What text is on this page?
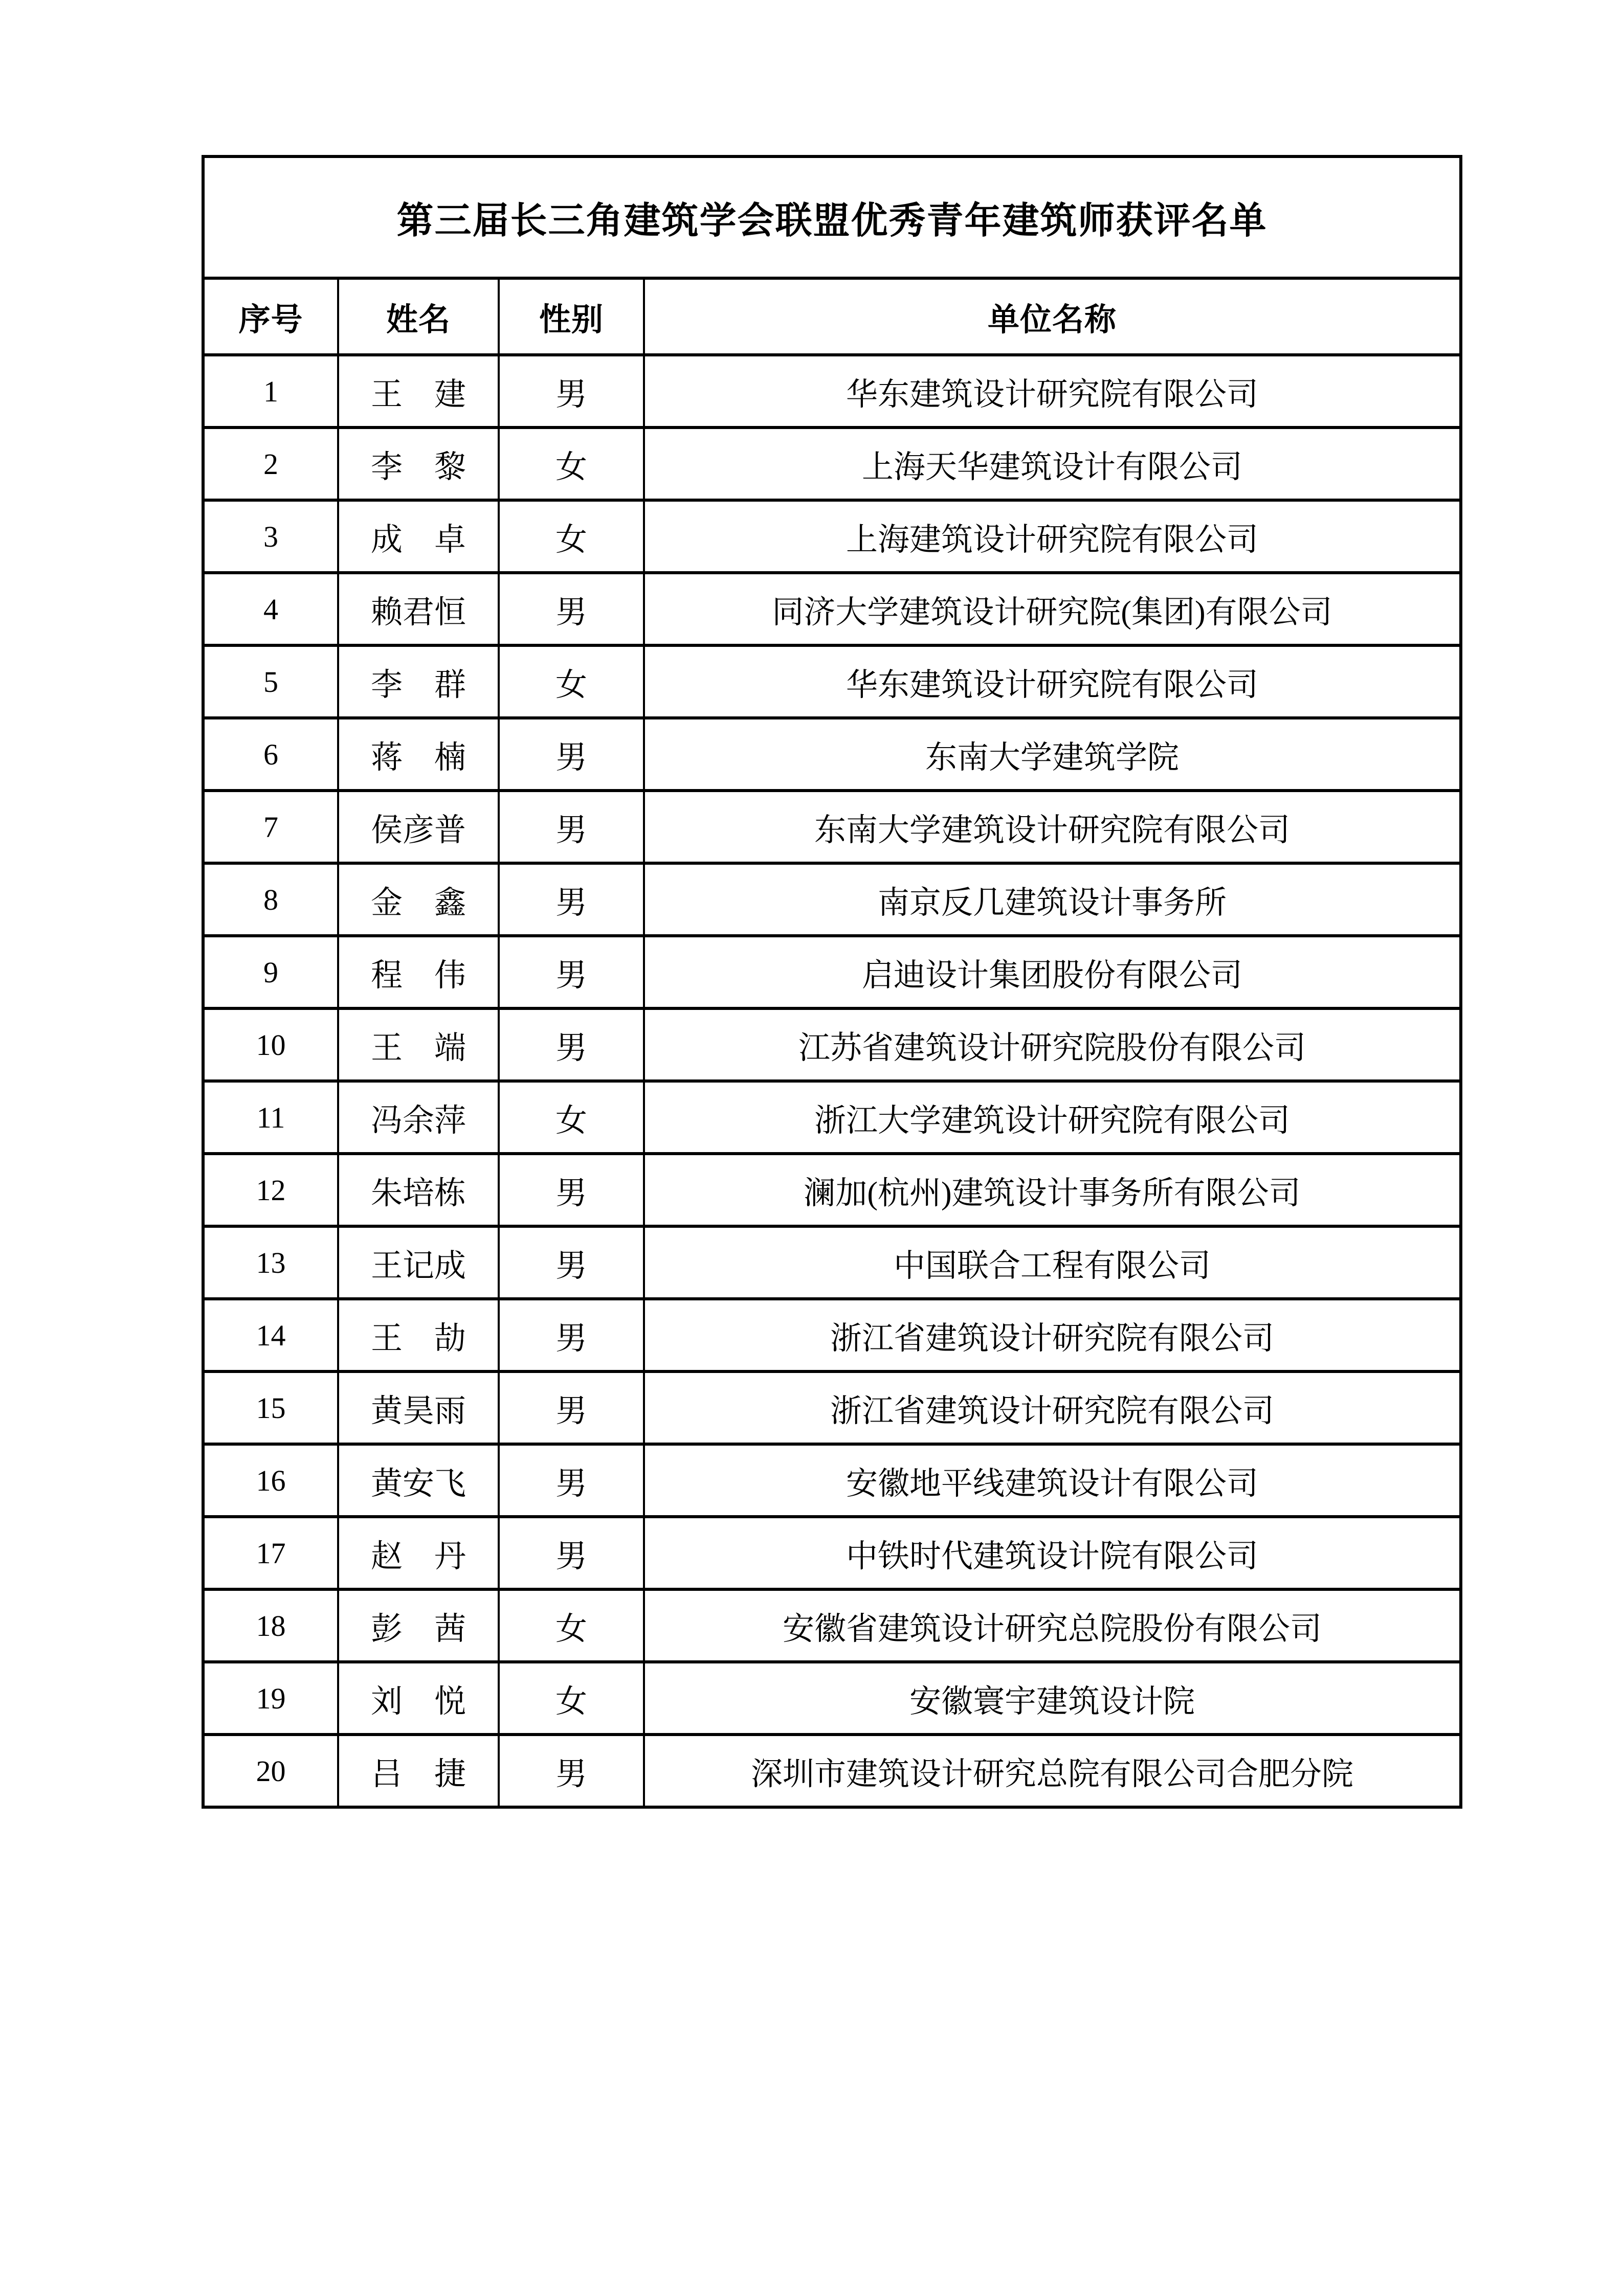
第三届长三角建筑学会联盟优秀青年建筑师获评名单			
序号	姓名	性别	单位名称
1	王　建	男	华东建筑设计研究院有限公司
2	李　黎	女	上海天华建筑设计有限公司
3	成　卓	女	上海建筑设计研究院有限公司
4	赖君恒	男	同济大学建筑设计研究院(集团)有限公司
5	李　群	女	华东建筑设计研究院有限公司
6	蒋　楠	男	东南大学建筑学院
7	侯彦普	男	东南大学建筑设计研究院有限公司
8	金　鑫	男	南京反几建筑设计事务所
9	程　伟	男	启迪设计集团股份有限公司
10	王　端	男	江苏省建筑设计研究院股份有限公司
11	冯余萍	女	浙江大学建筑设计研究院有限公司
12	朱培栋	男	澜加(杭州)建筑设计事务所有限公司
13	王记成	男	中国联合工程有限公司
14	王　劼	男	浙江省建筑设计研究院有限公司
15	黄昊雨	男	浙江省建筑设计研究院有限公司
16	黄安飞	男	安徽地平线建筑设计有限公司
17	赵　丹	男	中铁时代建筑设计院有限公司
18	彭　茜	女	安徽省建筑设计研究总院股份有限公司
19	刘　悦	女	安徽寰宇建筑设计院
20	吕　捷	男	深圳市建筑设计研究总院有限公司合肥分院
